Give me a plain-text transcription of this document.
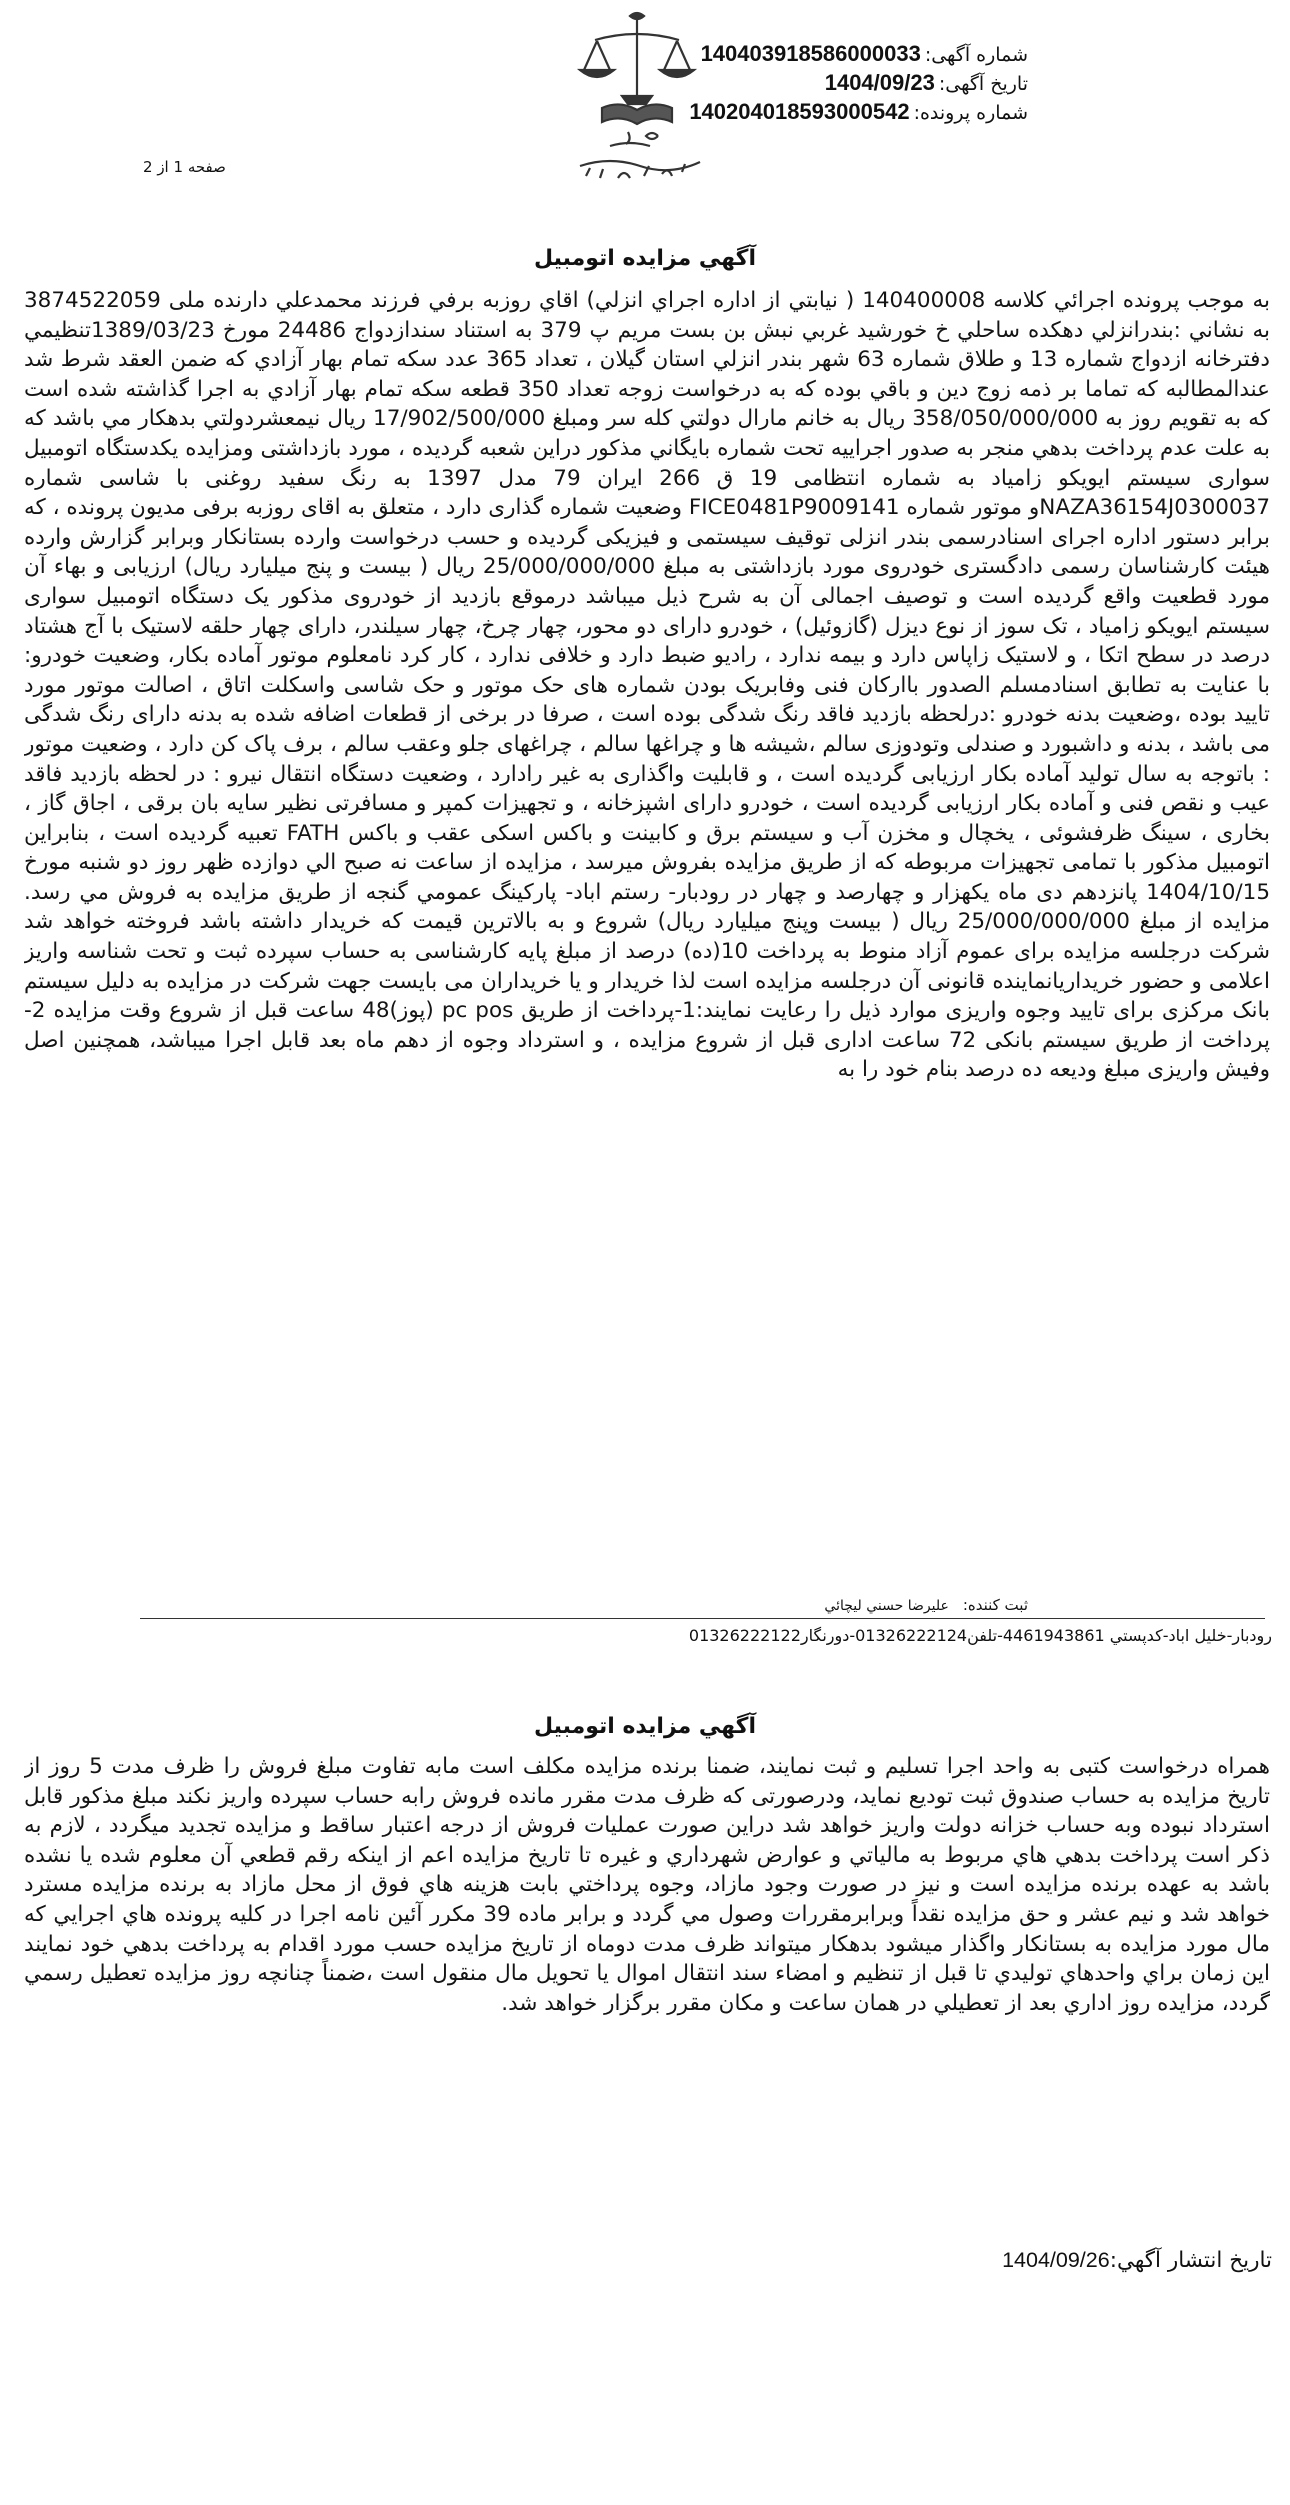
شماره آگهی:140403918586000033
تاریخ آگهی:1404/09/23
شماره پرونده:140204018593000542
صفحه 1 از 2
آگهي مزايده اتومبيل
به موجب پرونده اجرائي كلاسه 140400008 ( نيابتي از اداره اجراي انزلي) اقاي روزبه برفي فرزند محمدعلي دارنده ملی 3874522059 به نشاني :بندرانزلي دهكده ساحلي خ خورشيد غربي نبش بن بست مريم پ 379 به استناد سندازدواج 24486 مورخ 1389/03/23تنظيمي دفترخانه ازدواج شماره 13 و طلاق شماره 63 شهر بندر انزلي استان گيلان ، تعداد 365 عدد سكه تمام بهار آزادي كه ضمن العقد شرط شد عندالمطالبه كه تماما بر ذمه زوج دين و باقي بوده كه به درخواست زوجه تعداد 350 قطعه سكه تمام بهار آزادي به اجرا گذاشته شده است كه به تقويم روز به 358/050/000/000 ريال به خانم مارال دولتي كله سر ومبلغ 17/902/500/000 ريال نيمعشردولتي بدهكار مي باشد كه به علت عدم پرداخت بدهي منجر به صدور اجراييه تحت شماره بايگاني مذكور دراين شعبه گرديده ، مورد بازداشتی ومزایده یکدستگاه اتومبیل سواری سیستم ایویکو زامیاد به شماره انتظامی 19 ق 266 ایران 79 مدل 1397 به رنگ سفید روغنی با شاسی شماره NAZA36154J0300037و موتور شماره FICE0481P9009141 وضعیت شماره گذاری دارد ، متعلق به اقای روزبه برفی مدیون پرونده ، که برابر دستور اداره اجرای اسنادرسمی بندر انزلی توقیف سیستمی و فیزیکی گردیده و حسب درخواست وارده بستانکار وبرابر گزارش وارده هیئت کارشناسان رسمی دادگستری خودروی مورد بازداشتی به مبلغ 25/000/000/000 ریال ( بیست و پنج میلیارد ریال) ارزیابی و بهاء آن مورد قطعیت واقع گردیده است و توصیف اجمالی آن به شرح ذیل میباشد درموقع بازدید از خودروی مذکور یک دستگاه اتومبیل سواری سیستم ایویکو زامیاد ، تک سوز از نوع دیزل (گازوئیل) ، خودرو دارای دو محور، چهار چرخ، چهار سیلندر، دارای چهار حلقه لاستیک با آج هشتاد درصد در سطح اتکا ، و لاستیک زاپاس دارد و بیمه ندارد ، رادیو ضبط دارد و خلافی ندارد ، کار کرد نامعلوم موتور آماده بکار، وضعیت خودرو: با عنایت به تطابق اسنادمسلم الصدور باارکان فنی وفابریک بودن شماره های حک موتور و حک شاسی واسکلت اتاق ، اصالت موتور مورد تایید بوده ،وضعیت بدنه خودرو :درلحظه بازدید فاقد رنگ شدگی بوده است ، صرفا در برخی از قطعات اضافه شده به بدنه دارای رنگ شدگی می باشد ، بدنه و داشبورد و صندلی وتودوزی سالم ،شیشه ها و چراغها سالم ، چراغهای جلو وعقب سالم ، برف پاک کن دارد ، وضعیت موتور : باتوجه به سال تولید آماده بکار ارزیابی گردیده است ، و قابلیت واگذاری به غیر رادارد ، وضعیت دستگاه انتقال نیرو : در لحظه بازدید فاقد عیب و نقص فنی و آماده بکار ارزیابی گردیده است ، خودرو دارای اشپزخانه ، و تجهیزات کمپر و مسافرتی نظیر سایه بان برقی ، اجاق گاز ، بخاری ، سینگ ظرفشوئی ، یخچال و مخزن آب و سیستم برق و کابینت و باکس اسکی عقب و باکس FATH تعبیه گردیده است ، بنابراین اتومبیل مذکور با تمامی تجهیزات مربوطه که از طریق مزایده بفروش میرسد ، مزایده از ساعت نه صبح الي دوازده ظهر روز دو شنبه مورخ 1404/10/15 پانزدهم دی ماه یکهزار و چهارصد و چهار در رودبار- رستم اباد- پارکینگ عمومي گنجه از طريق مزايده به فروش مي رسد. مزايده از مبلغ 25/000/000/000 ریال ( بیست وپنج میلیارد ریال) شروع و به بالاترين قيمت كه خريدار داشته باشد فروخته خواهد شد شرکت درجلسه مزایده برای عموم آزاد منوط به پرداخت 10(ده) درصد از مبلغ پایه کارشناسی به حساب سپرده ثبت و تحت شناسه واریز اعلامی و حضور خریداریانماینده قانونی آن درجلسه مزایده است لذا خریدار و یا خریداران می بایست جهت شرکت در مزایده به دلیل سیستم بانک مرکزی برای تایید وجوه واریزی موارد ذیل را رعایت نمایند:1-پرداخت از طریق pc pos (پوز)48 ساعت قبل از شروع وقت مزایده 2- پرداخت از طریق سیستم بانکی 72 ساعت اداری قبل از شروع مزایده ، و استرداد وجوه از دهم ماه بعد قابل اجرا میباشد، همچنین اصل وفیش واریزی مبلغ ودیعه ده درصد بنام خود را به
ثبت كننده:عليرضا حسني ليچائي
رودبار-خليل اباد-كدپستي 4461943861-تلفن01326222124-دورنگار01326222122
آگهي مزايده اتومبيل
همراه درخواست کتبی به واحد اجرا تسلیم و ثبت نمایند، ضمنا برنده مزایده مکلف است مابه تفاوت مبلغ فروش را ظرف مدت 5 روز از تاریخ مزایده به حساب صندوق ثبت تودیع نماید، ودرصورتی که ظرف مدت مقرر مانده فروش رابه حساب سپرده واریز نکند مبلغ مذکور قابل استرداد نبوده وبه حساب خزانه دولت واریز خواهد شد دراین صورت عملیات فروش از درجه اعتبار ساقط و مزایده تجدید میگردد ، لازم به ذكر است پرداخت بدهي هاي مربوط به مالياتي و عوارض شهرداري و غيره تا تاريخ مزايده اعم از اينكه رقم قطعي آن معلوم شده يا نشده باشد به عهده برنده مزايده است و نيز در صورت وجود مازاد، وجوه پرداختي بابت هزينه هاي فوق از محل مازاد به برنده مزايده مسترد خواهد شد و نيم عشر و حق مزايده نقداً وبرابرمقررات وصول مي گردد و برابر ماده 39 مكرر آئين نامه اجرا در كليه پرونده هاي اجرايي كه مال مورد مزايده به بستانكار واگذار ميشود بدهكار ميتواند ظرف مدت دوماه از تاريخ مزايده حسب مورد اقدام به پرداخت بدهي خود نمايند اين زمان براي واحدهاي توليدي تا قبل از تنظيم و امضاء سند انتقال اموال يا تحويل مال منقول است ،ضمناً چنانچه روز مزايده تعطيل رسمي گردد، مزايده روز اداري بعد از تعطيلي در همان ساعت و مكان مقرر برگزار خواهد شد.
تاريخ انتشار آگهي:1404/09/26
